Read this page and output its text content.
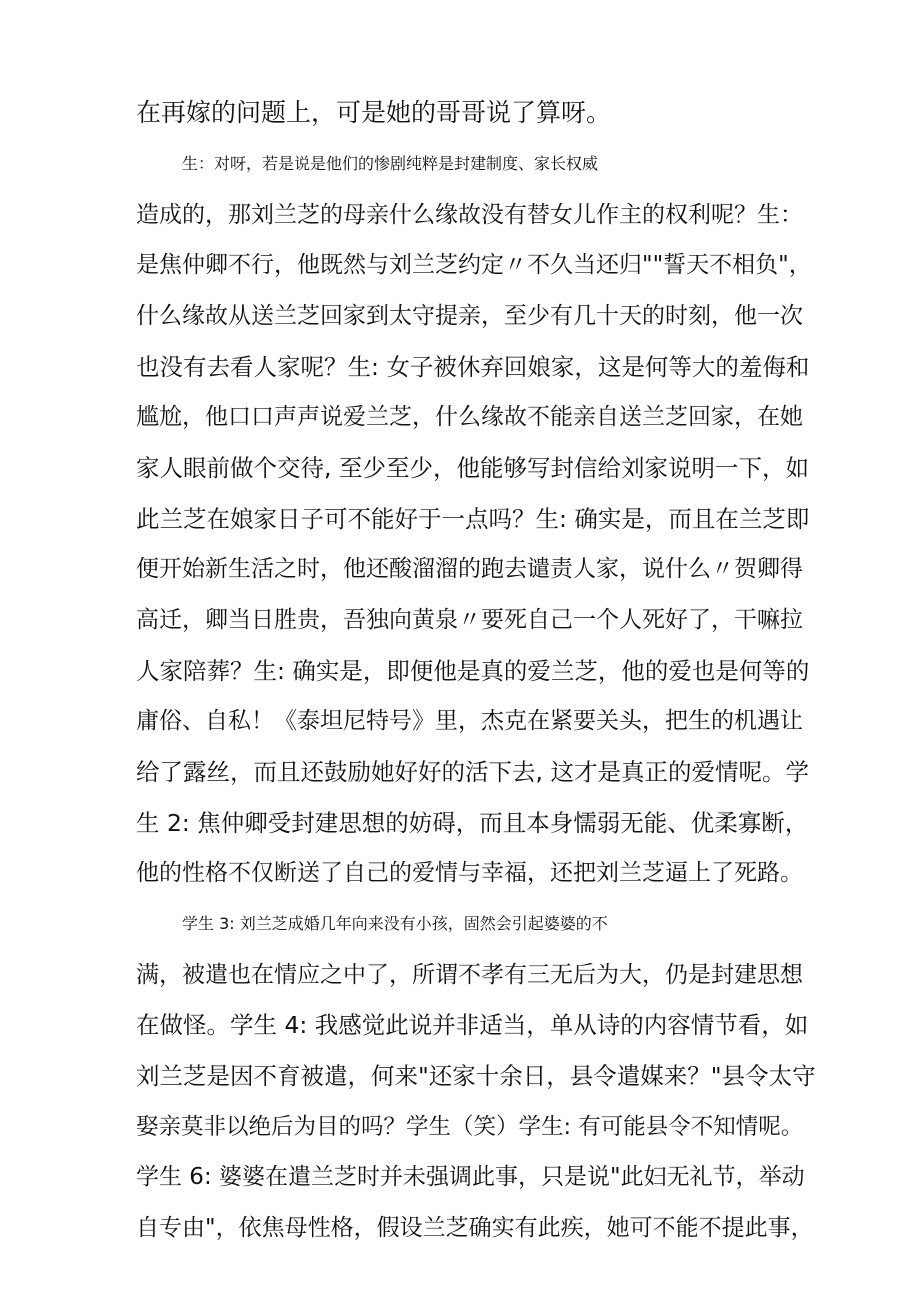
在再嫁的问题上，可是她的哥哥说了算呀。
生：对呀，若是说是他们的惨剧纯粹是封建制度、家长权威
造成的，那刘兰芝的母亲什么缘故没有替女儿作主的权利呢？生：
是焦仲卿不行，他既然与刘兰芝约定〃不久当还归""誓天不相负"，
什么缘故从送兰芝回家到太守提亲，至少有几十天的时刻，他一次
也没有去看人家呢？生: 女子被休弃回娘家，这是何等大的羞侮和
尴尬，他口口声声说爱兰芝，什么缘故不能亲自送兰芝回家，在她
家人眼前做个交待, 至少至少，他能够写封信给刘家说明一下，如
此兰芝在娘家日子可不能好于一点吗？生: 确实是，而且在兰芝即
便开始新生活之时，他还酸溜溜的跑去谴责人家，说什么〃贺卿得
高迁，卿当日胜贵，吾独向黄泉〃要死自己一个人死好了，干嘛拉
人家陪葬？生: 确实是，即便他是真的爱兰芝，他的爱也是何等的
庸俗、自私！《泰坦尼特号》里，杰克在紧要关头，把生的机遇让
给了露丝，而且还鼓励她好好的活下去, 这才是真正的爱情呢。学
生 2: 焦仲卿受封建思想的妨碍，而且本身懦弱无能、优柔寡断，
他的性格不仅断送了自己的爱情与幸福，还把刘兰芝逼上了死路。
学生 3: 刘兰芝成婚几年向来没有小孩，固然会引起婆婆的不
满，被遣也在情应之中了，所谓不孝有三无后为大，仍是封建思想
在做怪。学生 4: 我感觉此说并非适当，单从诗的内容情节看，如
刘兰芝是因不育被遣，何来"还家十余日，县令遣媒来？"县令太守
娶亲莫非以绝后为目的吗？学生（笑）学生: 有可能县令不知情呢。
学生 6: 婆婆在遣兰芝时并未强调此事，只是说"此妇无礼节，举动
自专由"，依焦母性格，假设兰芝确实有此疾，她可不能不提此事，
